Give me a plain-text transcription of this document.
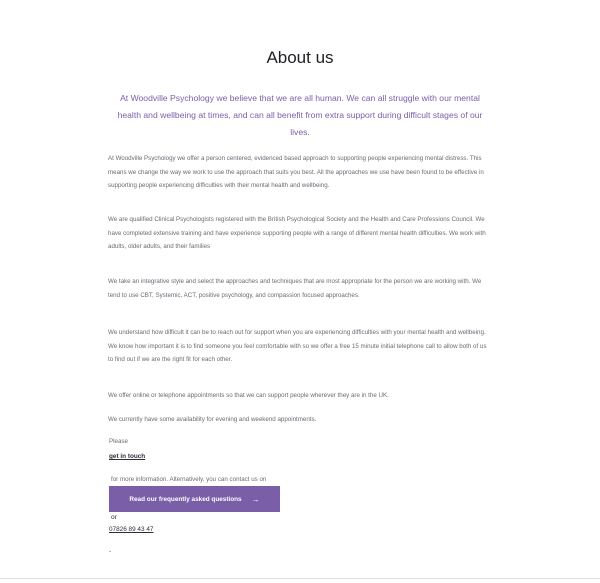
About us

At Woodville Psychology we believe that we are all human. We can all struggle with our mental health and wellbeing at times, and can all benefit from extra support during difficult stages of our lives.

At Woodville Psychology we offer a person centered, evidenced based approach to supporting people experiencing mental distress. This means we change the way we work to use the approach that suits you best. All the approaches we use have been found to be effective in supporting people experiencing difficulties with their mental health and wellbeing.

We are qualified Clinical Psychologists registered with the British Psychological Society and the Health and Care Professions Council. We have completed extensive training and have experience supporting people with a range of different mental health difficulties. We work with adults, older adults, and their families

We take an integrative style and select the approaches and techniques that are most appropriate for the person we are working with. We tend to use CBT, Systemic, ACT, positive psychology, and compassion focused approaches.

We understand how difficult it can be to reach out for support when you are experiencing difficulties with your mental health and wellbeing. We know how important it is to find someone you feel comfortable with so we offer a free 15 minute initial telephone call to allow both of us to find out if we are the right fit for each other.

We offer online or telephone appointments so that we can support people wherever they are in the UK.

We currently have some availability for evening and weekend appointments.

Please

get in touch

for more information. Alternatively, you can contact us on

Read our frequently asked questions →

or

07826 89 43 47
